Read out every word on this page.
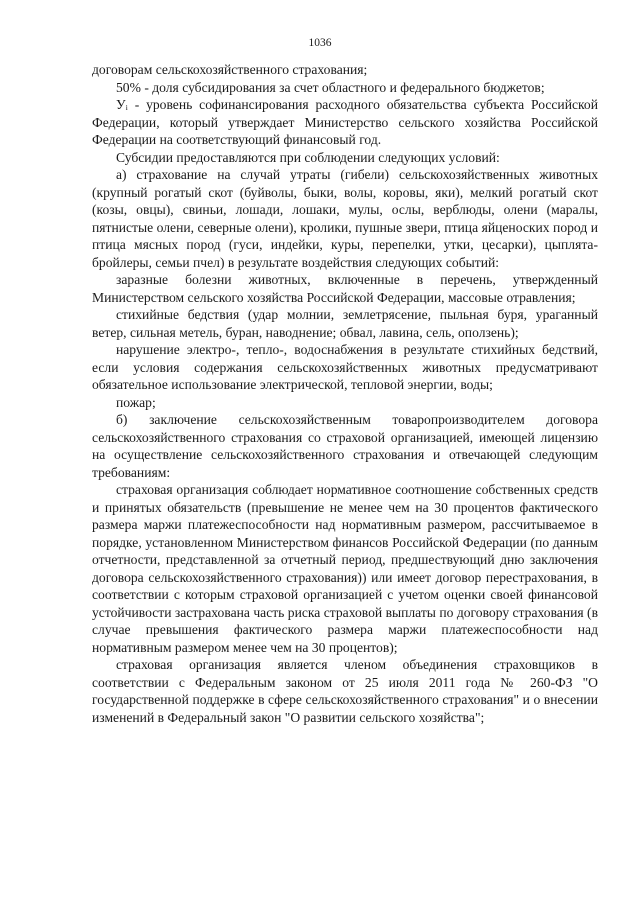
1036

договорам сельскохозяйственного страхования;

50% - доля субсидирования за счет областного и федерального бюджетов;

Уᵢ - уровень софинансирования расходного обязательства субъекта Российской Федерации, который утверждает Министерство сельского хозяйства Российской Федерации на соответствующий финансовый год.

Субсидии предоставляются при соблюдении следующих условий:

а) страхование на случай утраты (гибели) сельскохозяйственных животных (крупный рогатый скот (буйволы, быки, волы, коровы, яки), мелкий рогатый скот (козы, овцы), свиньи, лошади, лошаки, мулы, ослы, верблюды, олени (маралы, пятнистые олени, северные олени), кролики, пушные звери, птица яйценоских пород и птица мясных пород (гуси, индейки, куры, перепелки, утки, цесарки), цыплята-бройлеры, семьи пчел) в результате воздействия следующих событий:

заразные болезни животных, включенные в перечень, утвержденный Министерством сельского хозяйства Российской Федерации, массовые отравления;

стихийные бедствия (удар молнии, землетрясение, пыльная буря, ураганный ветер, сильная метель, буран, наводнение; обвал, лавина, сель, оползень);

нарушение электро-, тепло-, водоснабжения в результате стихийных бедствий, если условия содержания сельскохозяйственных животных предусматривают обязательное использование электрической, тепловой энергии, воды;

пожар;

б) заключение сельскохозяйственным товаропроизводителем договора сельскохозяйственного страхования со страховой организацией, имеющей лицензию на осуществление сельскохозяйственного страхования и отвечающей следующим требованиям:

страховая организация соблюдает нормативное соотношение собственных средств и принятых обязательств (превышение не менее чем на 30 процентов фактического размера маржи платежеспособности над нормативным размером, рассчитываемое в порядке, установленном Министерством финансов Российской Федерации (по данным отчетности, представленной за отчетный период, предшествующий дню заключения договора сельскохозяйственного страхования)) или имеет договор перестрахования, в соответствии с которым страховой организацией с учетом оценки своей финансовой устойчивости застрахована часть риска страховой выплаты по договору страхования (в случае превышения фактического размера маржи платежеспособности над нормативным размером менее чем на 30 процентов);

страховая организация является членом объединения страховщиков в соответствии с Федеральным законом от 25 июля 2011 года № 260-ФЗ "О государственной поддержке в сфере сельскохозяйственного страхования" и о внесении изменений в Федеральный закон "О развитии сельского хозяйства";
